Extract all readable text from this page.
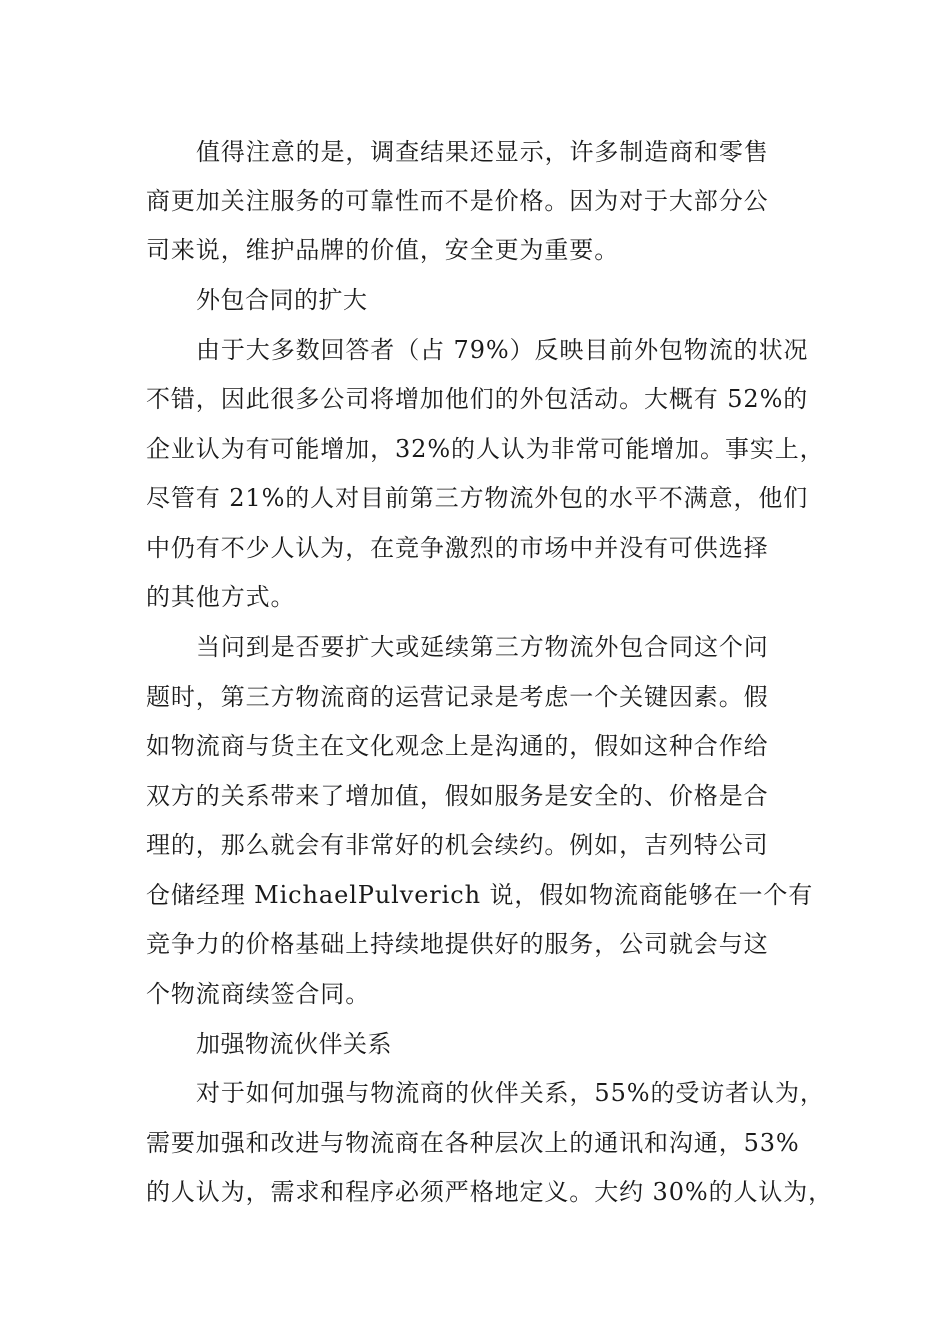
值得注意的是，调查结果还显示，许多制造商和零售
商更加关注服务的可靠性而不是价格。因为对于大部分公
司来说，维护品牌的价值，安全更为重要。
外包合同的扩大
由于大多数回答者（占 79%）反映目前外包物流的状况
不错，因此很多公司将增加他们的外包活动。大概有 52%的
企业认为有可能增加，32%的人认为非常可能增加。事实上，
尽管有 21%的人对目前第三方物流外包的水平不满意，他们
中仍有不少人认为，在竞争激烈的市场中并没有可供选择
的其他方式。
当问到是否要扩大或延续第三方物流外包合同这个问
题时，第三方物流商的运营记录是考虑一个关键因素。假
如物流商与货主在文化观念上是沟通的，假如这种合作给
双方的关系带来了增加值，假如服务是安全的、价格是合
理的，那么就会有非常好的机会续约。例如，吉列特公司
仓储经理 MichaelPulverich 说，假如物流商能够在一个有
竞争力的价格基础上持续地提供好的服务，公司就会与这
个物流商续签合同。
加强物流伙伴关系
对于如何加强与物流商的伙伴关系，55%的受访者认为，
需要加强和改进与物流商在各种层次上的通讯和沟通，53%
的人认为，需求和程序必须严格地定义。大约 30%的人认为，
